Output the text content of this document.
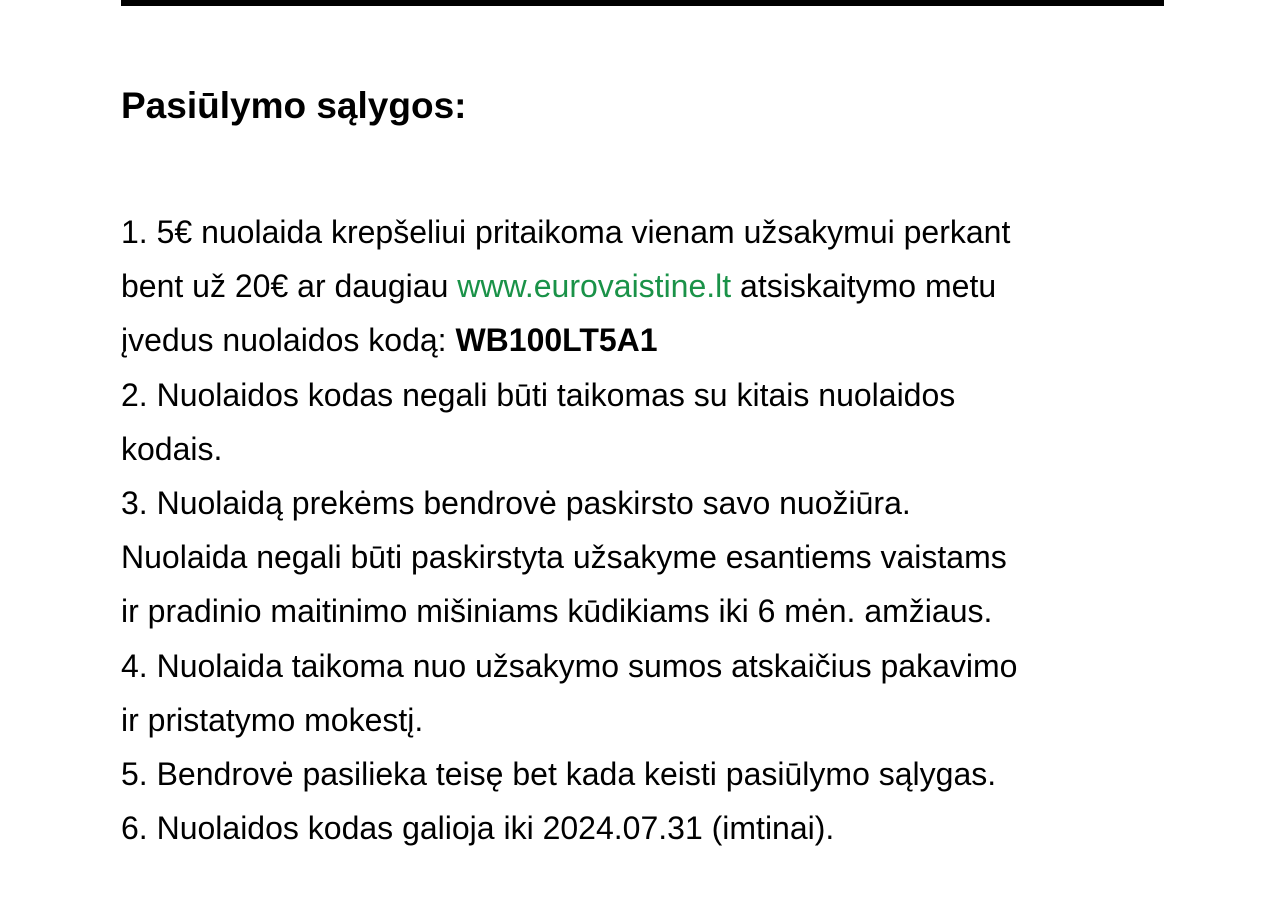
Pasiūlymo sąlygos:
1. 5€ nuolaida krepšeliui pritaikoma vienam užsakymui perkant
bent už 20€ ar daugiau www.eurovaistine.lt atsiskaitymo metu
įvedus nuolaidos kodą: WB100LT5A1
2. Nuolaidos kodas negali būti taikomas su kitais nuolaidos
kodais.
3. Nuolaidą prekėms bendrovė paskirsto savo nuožiūra.
Nuolaida negali būti paskirstyta užsakyme esantiems vaistams
ir pradinio maitinimo mišiniams kūdikiams iki 6 mėn. amžiaus.
4. Nuolaida taikoma nuo užsakymo sumos atskaičius pakavimo
ir pristatymo mokestį.
5. Bendrovė pasilieka teisę bet kada keisti pasiūlymo sąlygas.
6. Nuolaidos kodas galioja iki 2024.07.31 (imtinai).
